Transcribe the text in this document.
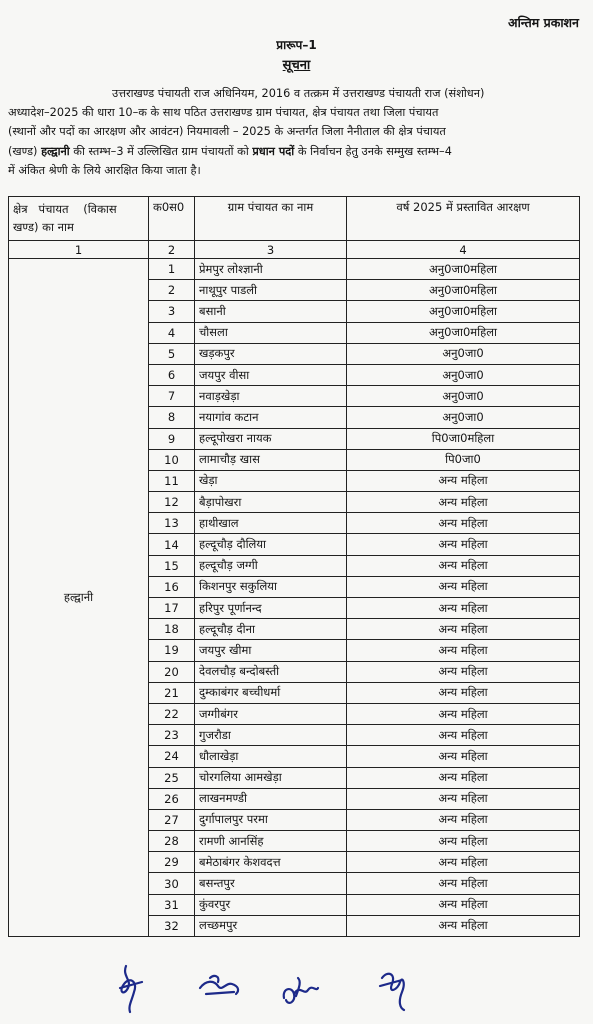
अन्तिम प्रकाशन
प्रारूप–1
सूचना
उत्तराखण्ड पंचायती राज अधिनियम, 2016 व तत्क्रम में उत्तराखण्ड पंचायती राज (संशोधन)
अध्यादेश–2025 की धारा 10–क के साथ पठित उत्तराखण्ड ग्राम पंचायत, क्षेत्र पंचायत तथा जिला पंचायत
(स्थानों और पदों का आरक्षण और आवंटन) नियमावली – 2025 के अन्तर्गत जिला नैनीताल की क्षेत्र पंचायत
(खण्ड) हल्द्वानी की स्तम्भ–3 में उल्लिखित ग्राम पंचायतों को प्रधान पदों के निर्वाचन हेतु उनके सम्मुख स्तम्भ–4
में अंकित श्रेणी के लिये आरक्षित किया जाता है।
क्षेत्र   पंचायत    (विकास
खण्ड) का नाम	क0स0	ग्राम पंचायत का नाम	वर्ष 2025 में प्रस्तावित आरक्षण
1	2	3	4
हल्द्वानी	1	प्रेमपुर लोश्ज्ञानी	अनु0जा0महिला
	2	नाथूपुर पाडली	अनु0जा0महिला
	3	बसानी	अनु0जा0महिला
	4	चौसला	अनु0जा0महिला
	5	खड़कपुर	अनु0जा0
	6	जयपुर वीसा	अनु0जा0
	7	नवाड़खेड़ा	अनु0जा0
	8	नयागांव कटान	अनु0जा0
	9	हल्दूपोखरा नायक	पि0जा0महिला
	10	लामाचौड़ खास	पि0जा0
	11	खेड़ा	अन्य महिला
	12	बैड़ापोखरा	अन्य महिला
	13	हाथीखाल	अन्य महिला
	14	हल्दूचौड़ दौलिया	अन्य महिला
	15	हल्दूचौड़ जग्गी	अन्य महिला
	16	किशनपुर सकुलिया	अन्य महिला
	17	हरिपुर पूर्णानन्द	अन्य महिला
	18	हल्दूचौड़ दीना	अन्य महिला
	19	जयपुर खीमा	अन्य महिला
	20	देवलचौड़ बन्दोबस्ती	अन्य महिला
	21	दुम्काबंगर बच्चीधर्मा	अन्य महिला
	22	जग्गीबंगर	अन्य महिला
	23	गुजरौडा	अन्य महिला
	24	धौलाखेड़ा	अन्य महिला
	25	चोरगलिया आमखेड़ा	अन्य महिला
	26	लाखनमण्डी	अन्य महिला
	27	दुर्गापालपुर परमा	अन्य महिला
	28	रामणी आनसिंह	अन्य महिला
	29	बमेठाबंगर केशवदत्त	अन्य महिला
	30	बसन्तपुर	अन्य महिला
	31	कुंवरपुर	अन्य महिला
	32	लच्छमपुर	अन्य महिला
